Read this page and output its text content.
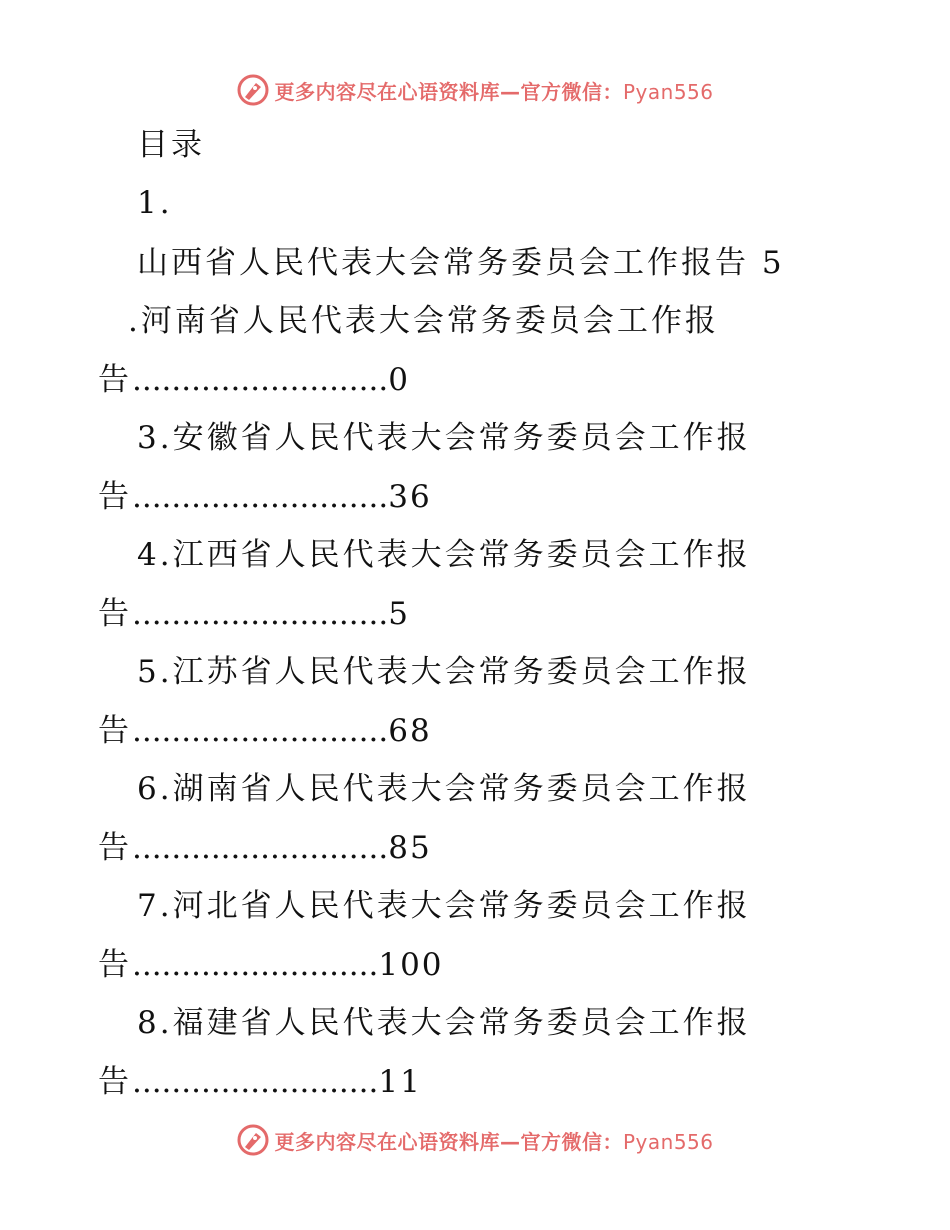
更多内容尽在心语资料库—官方微信：Pyan556
目录
1.
山西省人民代表大会常务委员会工作报告 5
.河南省人民代表大会常务委员会工作报
告..........................0
3.安徽省人民代表大会常务委员会工作报
告..........................36
4.江西省人民代表大会常务委员会工作报
告..........................5
5.江苏省人民代表大会常务委员会工作报
告..........................68
6.湖南省人民代表大会常务委员会工作报
告..........................85
7.河北省人民代表大会常务委员会工作报
告.........................100
8.福建省人民代表大会常务委员会工作报
告.........................11
更多内容尽在心语资料库—官方微信：Pyan556
